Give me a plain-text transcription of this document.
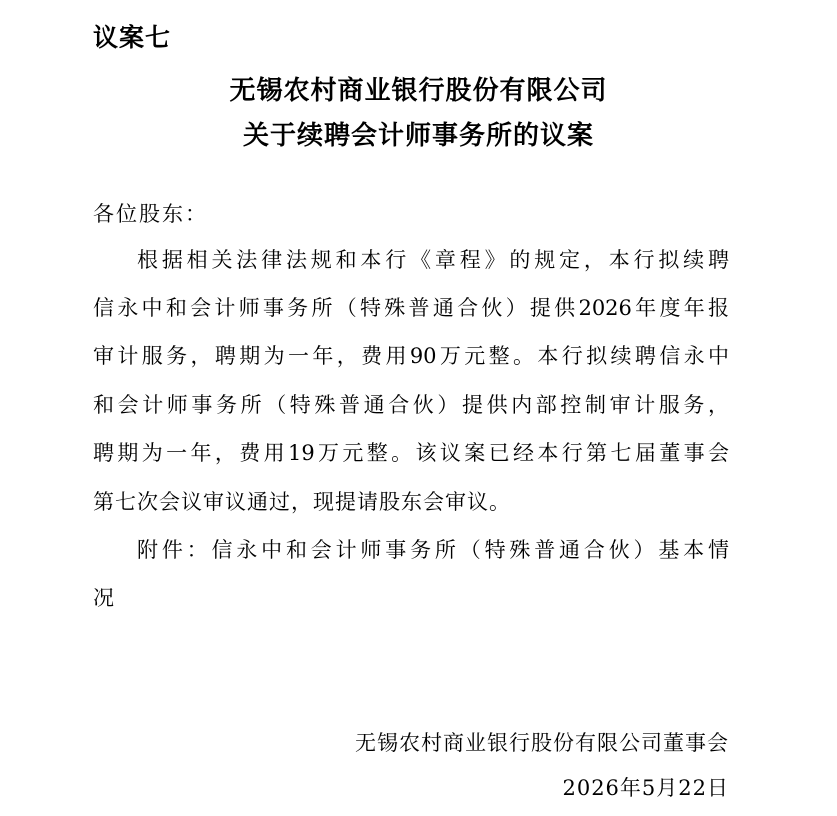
议案七
无锡农村商业银行股份有限公司
关于续聘会计师事务所的议案
各位股东：
根据相关法律法规和本行《章程》的规定，本行拟续聘
信永中和会计师事务所（特殊普通合伙）提供2026年度年报
审计服务，聘期为一年，费用90万元整。本行拟续聘信永中
和会计师事务所（特殊普通合伙）提供内部控制审计服务，
聘期为一年，费用19万元整。该议案已经本行第七届董事会
第七次会议审议通过，现提请股东会审议。
附件：信永中和会计师事务所（特殊普通合伙）基本情
况
无锡农村商业银行股份有限公司董事会
2026年5月22日
